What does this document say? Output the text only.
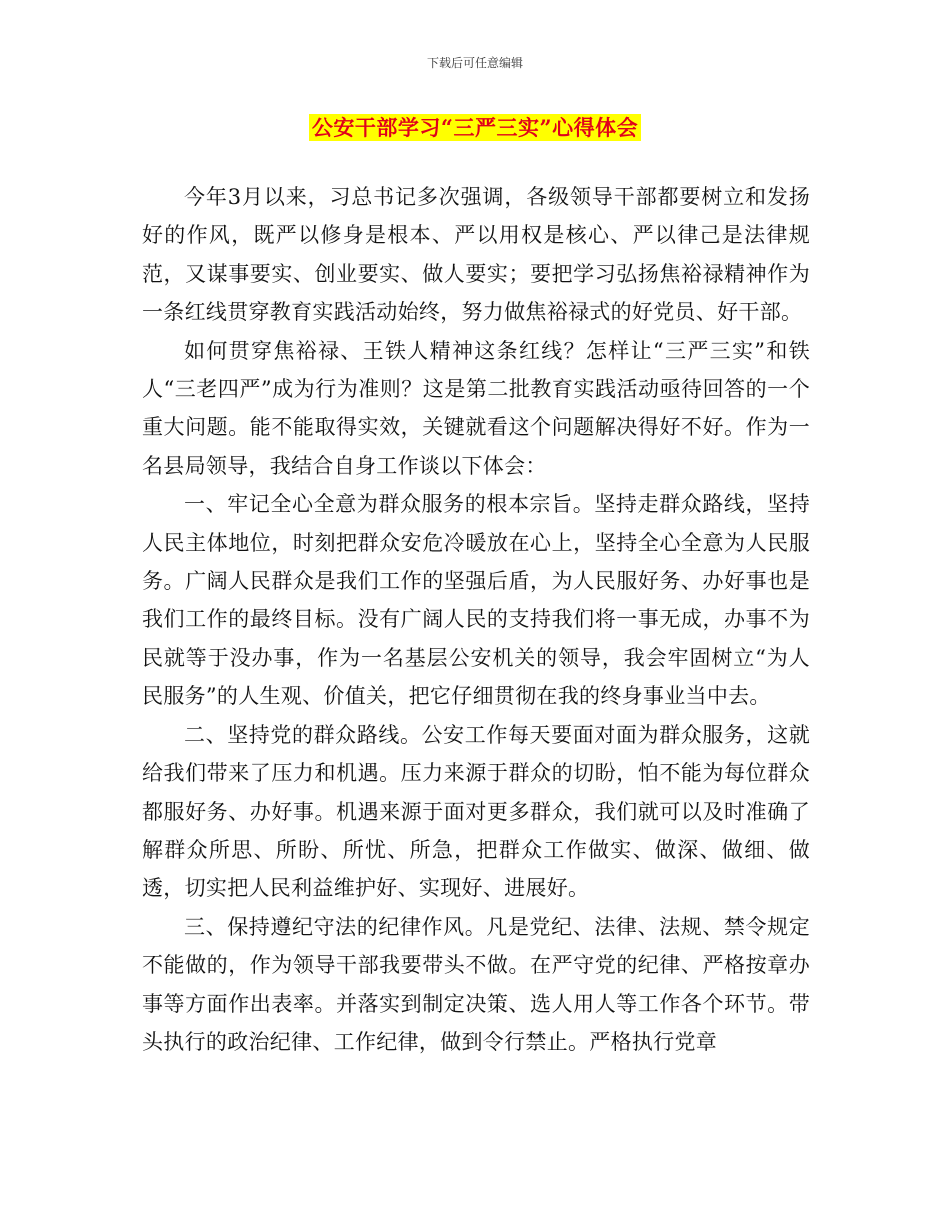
下载后可任意编辑
公安干部学习“三严三实”心得体会

今年3月以来，习总书记多次强调，各级领导干部都要树立和发扬好的作风，既严以修身是根本、严以用权是核心、严以律己是法律规范，又谋事要实、创业要实、做人要实；要把学习弘扬焦裕禄精神作为一条红线贯穿教育实践活动始终，努力做焦裕禄式的好党员、好干部。

如何贯穿焦裕禄、王铁人精神这条红线？怎样让“三严三实”和铁人“三老四严”成为行为准则？这是第二批教育实践活动亟待回答的一个重大问题。能不能取得实效，关键就看这个问题解决得好不好。作为一名县局领导，我结合自身工作谈以下体会：

一、牢记全心全意为群众服务的根本宗旨。坚持走群众路线，坚持人民主体地位，时刻把群众安危冷暖放在心上，坚持全心全意为人民服务。广阔人民群众是我们工作的坚强后盾，为人民服好务、办好事也是我们工作的最终目标。没有广阔人民的支持我们将一事无成，办事不为民就等于没办事，作为一名基层公安机关的领导，我会牢固树立“为人民服务”的人生观、价值关，把它仔细贯彻在我的终身事业当中去。

二、坚持党的群众路线。公安工作每天要面对面为群众服务，这就给我们带来了压力和机遇。压力来源于群众的切盼，怕不能为每位群众都服好务、办好事。机遇来源于面对更多群众，我们就可以及时准确了解群众所思、所盼、所忧、所急，把群众工作做实、做深、做细、做透，切实把人民利益维护好、实现好、进展好。

三、保持遵纪守法的纪律作风。凡是党纪、法律、法规、禁令规定不能做的，作为领导干部我要带头不做。在严守党的纪律、严格按章办事等方面作出表率。并落实到制定决策、选人用人等工作各个环节。带头执行的政治纪律、工作纪律，做到令行禁止。严格执行党章
